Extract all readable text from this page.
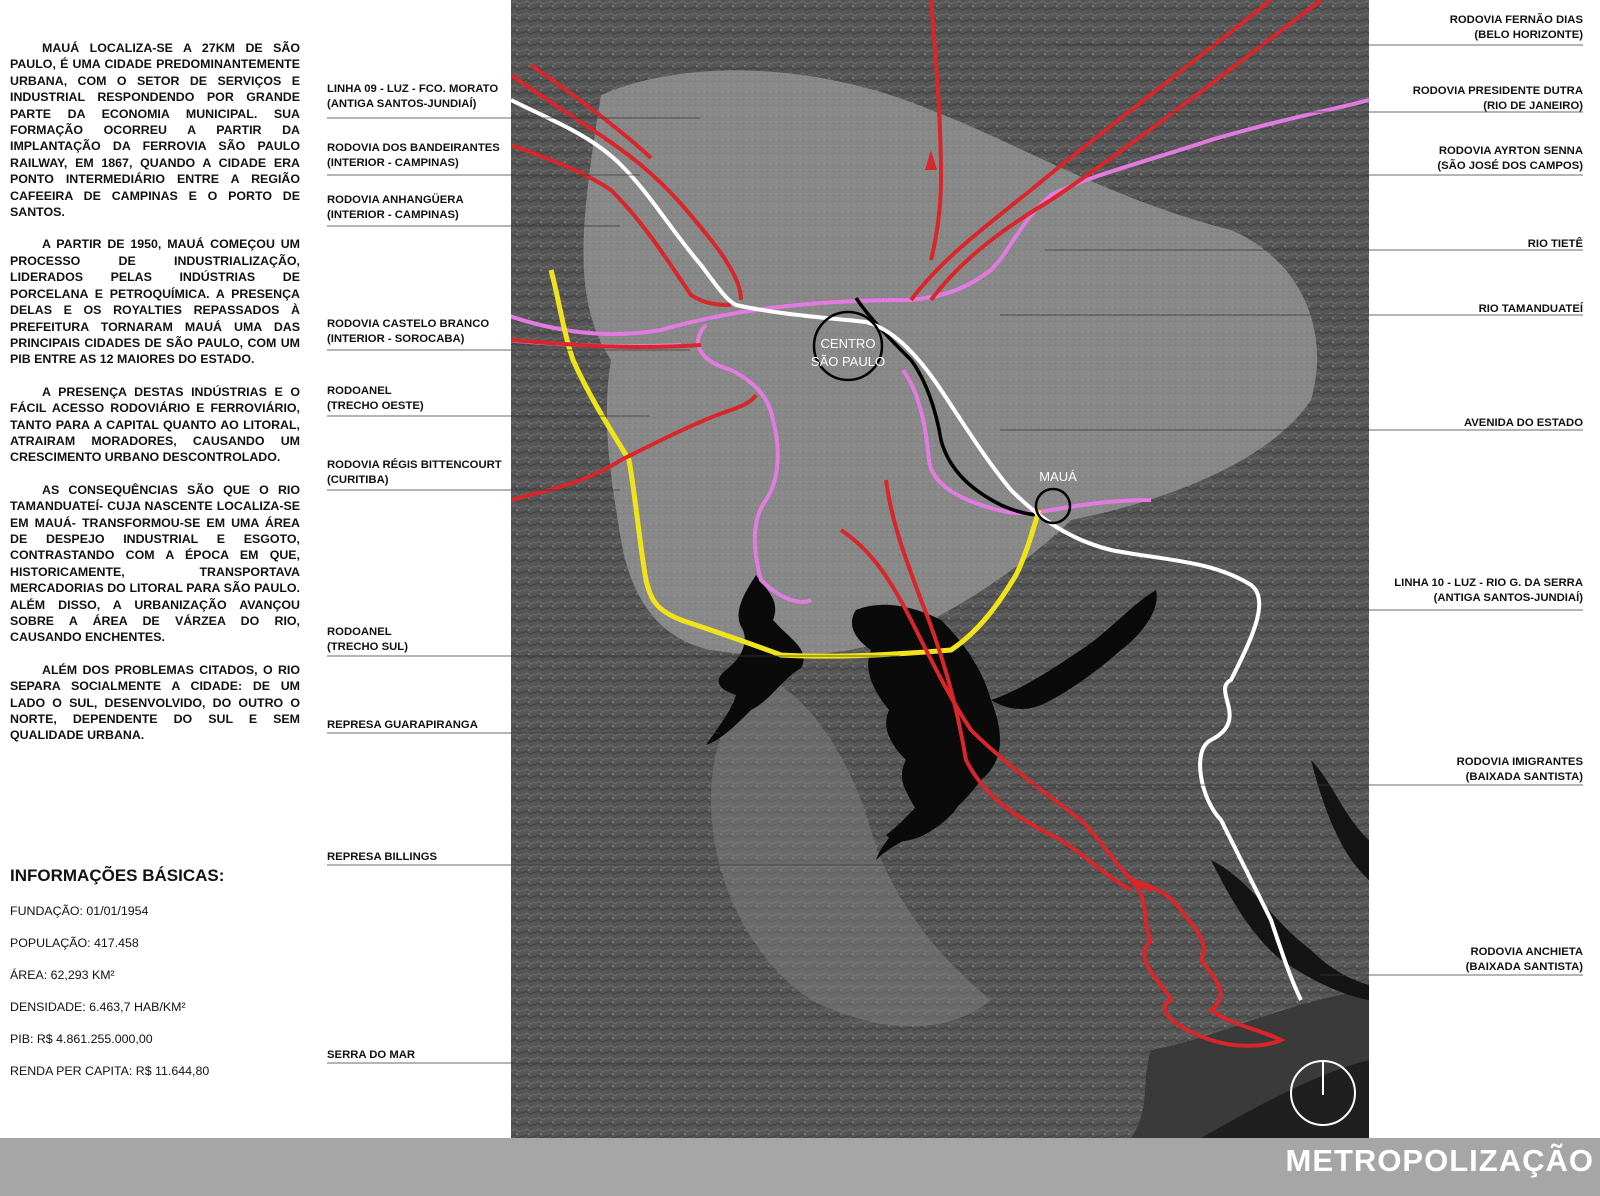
MAUÁ LOCALIZA-SE A 27KM DE SÃO PAULO, É UMA CIDADE PREDOMINANTEMENTE URBANA, COM O SETOR DE SERVIÇOS E INDUSTRIAL RESPONDENDO POR GRANDE PARTE DA ECONOMIA MUNICIPAL. SUA FORMAÇÃO OCORREU A PARTIR DA IMPLANTAÇÃO DA FERROVIA SÃO PAULO RAILWAY, EM 1867, QUANDO A CIDADE ERA PONTO INTERMEDIÁRIO ENTRE A REGIÃO CAFEEIRA DE CAMPINAS E O PORTO DE SANTOS.

A PARTIR DE 1950, MAUÁ COMEÇOU UM PROCESSO DE INDUSTRIALIZAÇÃO, LIDERADOS PELAS INDÚSTRIAS DE PORCELANA E PETROQUÍMICA. A PRESENÇA DELAS E OS ROYALTIES REPASSADOS À PREFEITURA TORNARAM MAUÁ UMA DAS PRINCIPAIS CIDADES DE SÃO PAULO, COM UM PIB ENTRE AS 12 MAIORES DO ESTADO.

A PRESENÇA DESTAS INDÚSTRIAS E O FÁCIL ACESSO RODOVIÁRIO E FERROVIÁRIO, TANTO PARA A CAPITAL QUANTO AO LITORAL, ATRAIRAM MORADORES, CAUSANDO UM CRESCIMENTO URBANO DESCONTROLADO.

AS CONSEQUÊNCIAS SÃO QUE O RIO TAMANDUATEÍ- CUJA NASCENTE LOCALIZA-SE EM MAUÁ- TRANSFORMOU-SE EM UMA ÁREA DE DESPEJO INDUSTRIAL E ESGOTO, CONTRASTANDO COM A ÉPOCA EM QUE, HISTORICAMENTE, TRANSPORTAVA MERCADORIAS DO LITORAL PARA SÃO PAULO. ALÉM DISSO, A URBANIZAÇÃO AVANÇOU SOBRE A ÁREA DE VÁRZEA DO RIO, CAUSANDO ENCHENTES.

ALÉM DOS PROBLEMAS CITADOS, O RIO SEPARA SOCIALMENTE A CIDADE: DE UM LADO O SUL, DESENVOLVIDO, DO OUTRO O NORTE, DEPENDENTE DO SUL E SEM QUALIDADE URBANA.

INFORMAÇÕES BÁSICAS:
FUNDAÇÃO: 01/01/1954
POPULAÇÃO: 417.458
ÁREA: 62,293 KM²
DENSIDADE: 6.463,7 HAB/KM²
PIB: R$ 4.861.255.000,00
RENDA PER CAPITA: R$ 11.644,80
CENTRO
SÃO PAULO
MAUÁ
LINHA 09 - LUZ - FCO. MORATO
(ANTIGA SANTOS-JUNDIAÍ)
RODOVIA DOS BANDEIRANTES
(INTERIOR - CAMPINAS)
RODOVIA ANHANGÜERA
(INTERIOR - CAMPINAS)
RODOVIA CASTELO BRANCO
(INTERIOR - SOROCABA)
RODOANEL
(TRECHO OESTE)
RODOVIA RÉGIS BITTENCOURT
(CURITIBA)
RODOANEL
(TRECHO SUL)
REPRESA GUARAPIRANGA
REPRESA BILLINGS
SERRA DO MAR
RODOVIA FERNÃO DIAS
(BELO HORIZONTE)
RODOVIA PRESIDENTE DUTRA
(RIO DE JANEIRO)
RODOVIA AYRTON SENNA
(SÃO JOSÉ DOS CAMPOS)
RIO TIETÊ
RIO TAMANDUATEÍ
AVENIDA DO ESTADO
LINHA 10 - LUZ - RIO G. DA SERRA
(ANTIGA SANTOS-JUNDIAÍ)
RODOVIA IMIGRANTES
(BAIXADA SANTISTA)
RODOVIA ANCHIETA
(BAIXADA SANTISTA)
METROPOLIZAÇÃO
